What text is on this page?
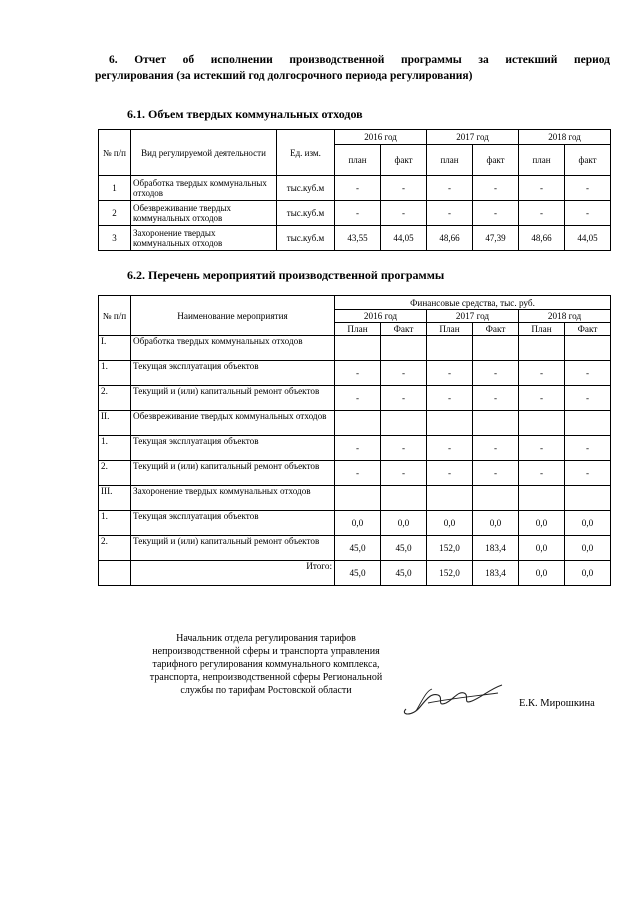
6. Отчет об исполнении производственной программы за истекший период
регулирования (за истекший год долгосрочного периода регулирования)
6.1. Объем твердых коммунальных отходов
№ п/п	Вид регулируемой деятельности	Ед. изм.	2016 год		2017 год		2018 год	
			план	факт	план	факт	план	факт
1	Обработка твердых коммунальных отходов	тыс.куб.м	-	-	-	-	-	-
2	Обезвреживание твердых коммунальных отходов	тыс.куб.м	-	-	-	-	-	-
3	Захоронение твердых коммунальных отходов	тыс.куб.м	43,55	44,05	48,66	47,39	48,66	44,05
6.2. Перечень мероприятий производственной программы
№ п/п	Наименование мероприятия	Финансовые средства, тыс. руб.					
		2016 год		2017 год		2018 год	
		План	Факт	План	Факт	План	Факт
I.	Обработка твердых коммунальных отходов						
1.	Текущая эксплуатация объектов	-	-	-	-	-	-
2.	Текущий и (или) капитальный ремонт объектов	-	-	-	-	-	-
II.	Обезвреживание твердых коммунальных отходов						
1.	Текущая эксплуатация объектов	-	-	-	-	-	-
2.	Текущий и (или) капитальный ремонт объектов	-	-	-	-	-	-
III.	Захоронение твердых коммунальных отходов						
1.	Текущая эксплуатация объектов	0,0	0,0	0,0	0,0	0,0	0,0
2.	Текущий и (или) капитальный ремонт объектов	45,0	45,0	152,0	183,4	0,0	0,0
	Итого:	45,0	45,0	152,0	183,4	0,0	0,0
Начальник отдела регулирования тарифов
непроизводственной сферы и транспорта управления
тарифного регулирования коммунального комплекса,
транспорта, непроизводственной сферы Региональной
службы по тарифам Ростовской области
Е.К. Мирошкина
